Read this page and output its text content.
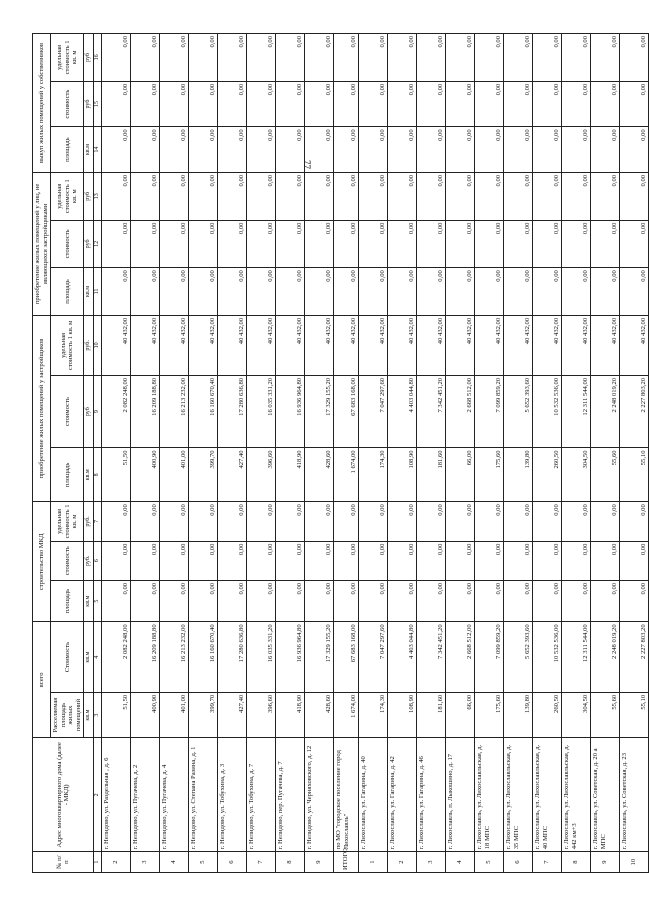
77
№ п/п	Адрес многоквартирного дома (далее - МКД)	всего		строительство МКД			приобретение жилых помещений у застройщиков			приобретение жилых помещений у лиц, не являющихся застройщиками			выкуп жилых помещений у собственников		
		Расселяемая площадь жилых помещений	Стоимость	площадь	стоимость	удельная стоимость 1 кв. м	площадь	стоимость	удельная стоимость 1 кв. м	площадь	стоимость	удельная стоимость 1 кв. м	площадь	стоимость	удельная стоимость 1 кв. м
		кв.м	кв.м	кв.м	руб.	руб.	кв.м	руб	руб.	кв.м	руб	руб	кв.м	руб	руб
1	2	3	4	5	6	7	8	9	10	11	12	13	14	15	16
2	г. Нелидово, ул. Раздельная , д. 6	51,50	2 082 248,00	0,00	0,00	0,00	51,50	2 082 248,00	40 432,00	0,00	0,00	0,00	0,00	0,00	0,00
3	г. Нелидово, ул. Пугачева, д. 2	400,90	16 209 188,80	0,00	0,00	0,00	400,90	16 209 188,80	40 432,00	0,00	0,00	0,00	0,00	0,00	0,00
4	г. Нелидово, ул. Пугачева, д. 4	401,00	16 213 232,00	0,00	0,00	0,00	401,00	16 213 232,00	40 432,00	0,00	0,00	0,00	0,00	0,00	0,00
5	г. Нелидово, ул. Степана Разина, д. 1	399,70	16 160 670,40	0,00	0,00	0,00	399,70	16 160 670,40	40 432,00	0,00	0,00	0,00	0,00	0,00	0,00
6	г. Нелидово, ул. Тобухина, д. 3	427,40	17 280 636,80	0,00	0,00	0,00	427,40	17 280 636,80	40 432,00	0,00	0,00	0,00	0,00	0,00	0,00
7	г. Нелидово, ул. Тобухина, д. 7	396,60	16 035 331,20	0,00	0,00	0,00	396,60	16 035 331,20	40 432,00	0,00	0,00	0,00	0,00	0,00	0,00
8	г. Нелидово, пер. Пугачева, д. 7	418,90	16 936 964,80	0,00	0,00	0,00	418,90	16 936 964,80	40 432,00	0,00	0,00	0,00	0,00	0,00	0,00
9	г. Нелидово, ул. Черняховского, д. 12	428,60	17 329 155,20	0,00	0,00	0,00	428,60	17 329 155,20	40 432,00	0,00	0,00	0,00	0,00	0,00	0,00
ИТОГО	по МО "городское поселение город Лихославль"	1 674,00	67 683 168,00	0,00	0,00	0,00	1 674,00	67 683 168,00	40 432,00	0,00	0,00	0,00	0,00	0,00	0,00
1	г. Лихославль, ул. Гагарина, д. 40	174,30	7 047 297,60	0,00	0,00	0,00	174,30	7 047 297,60	40 432,00	0,00	0,00	0,00	0,00	0,00	0,00
2	г. Лихославль, ул. Гагарина, д. 42	108,90	4 403 044,80	0,00	0,00	0,00	108,90	4 403 044,80	40 432,00	0,00	0,00	0,00	0,00	0,00	0,00
3	г. Лихославль, ул. Гагарина, д. 46	181,60	7 342 451,20	0,00	0,00	0,00	181,60	7 342 451,20	40 432,00	0,00	0,00	0,00	0,00	0,00	0,00
4	г. Лихославль, п. Лыкошино, д. 17	66,00	2 668 512,00	0,00	0,00	0,00	66,00	2 668 512,00	40 432,00	0,00	0,00	0,00	0,00	0,00	0,00
5	г. Лихославль, ул. Лихославльская, д. 18 МПС	175,60	7 099 859,20	0,00	0,00	0,00	175,60	7 099 859,20	40 432,00	0,00	0,00	0,00	0,00	0,00	0,00
6	г. Лихославль, ул. Лихославльская, д. 35 МПС	139,80	5 652 393,60	0,00	0,00	0,00	139,80	5 652 393,60	40 432,00	0,00	0,00	0,00	0,00	0,00	0,00
7	г. Лихославль, ул. Лихославльская, д. 40 МПС	260,50	10 532 536,00	0,00	0,00	0,00	260,50	10 532 536,00	40 432,00	0,00	0,00	0,00	0,00	0,00	0,00
8	г. Лихославль, ул. Лихославльская, д. 442 км+3	304,50	12 311 544,00	0,00	0,00	0,00	304,50	12 311 544,00	40 432,00	0,00	0,00	0,00	0,00	0,00	0,00
9	г. Лихославль, ул. Советская, д. 20 а МПС	55,60	2 248 019,20	0,00	0,00	0,00	55,60	2 248 019,20	40 432,00	0,00	0,00	0,00	0,00	0,00	0,00
10	г. Лихославль, ул. Советская, д. 23	55,10	2 227 803,20	0,00	0,00	0,00	55,10	2 227 803,20	40 432,00	0,00	0,00	0,00	0,00	0,00	0,00
